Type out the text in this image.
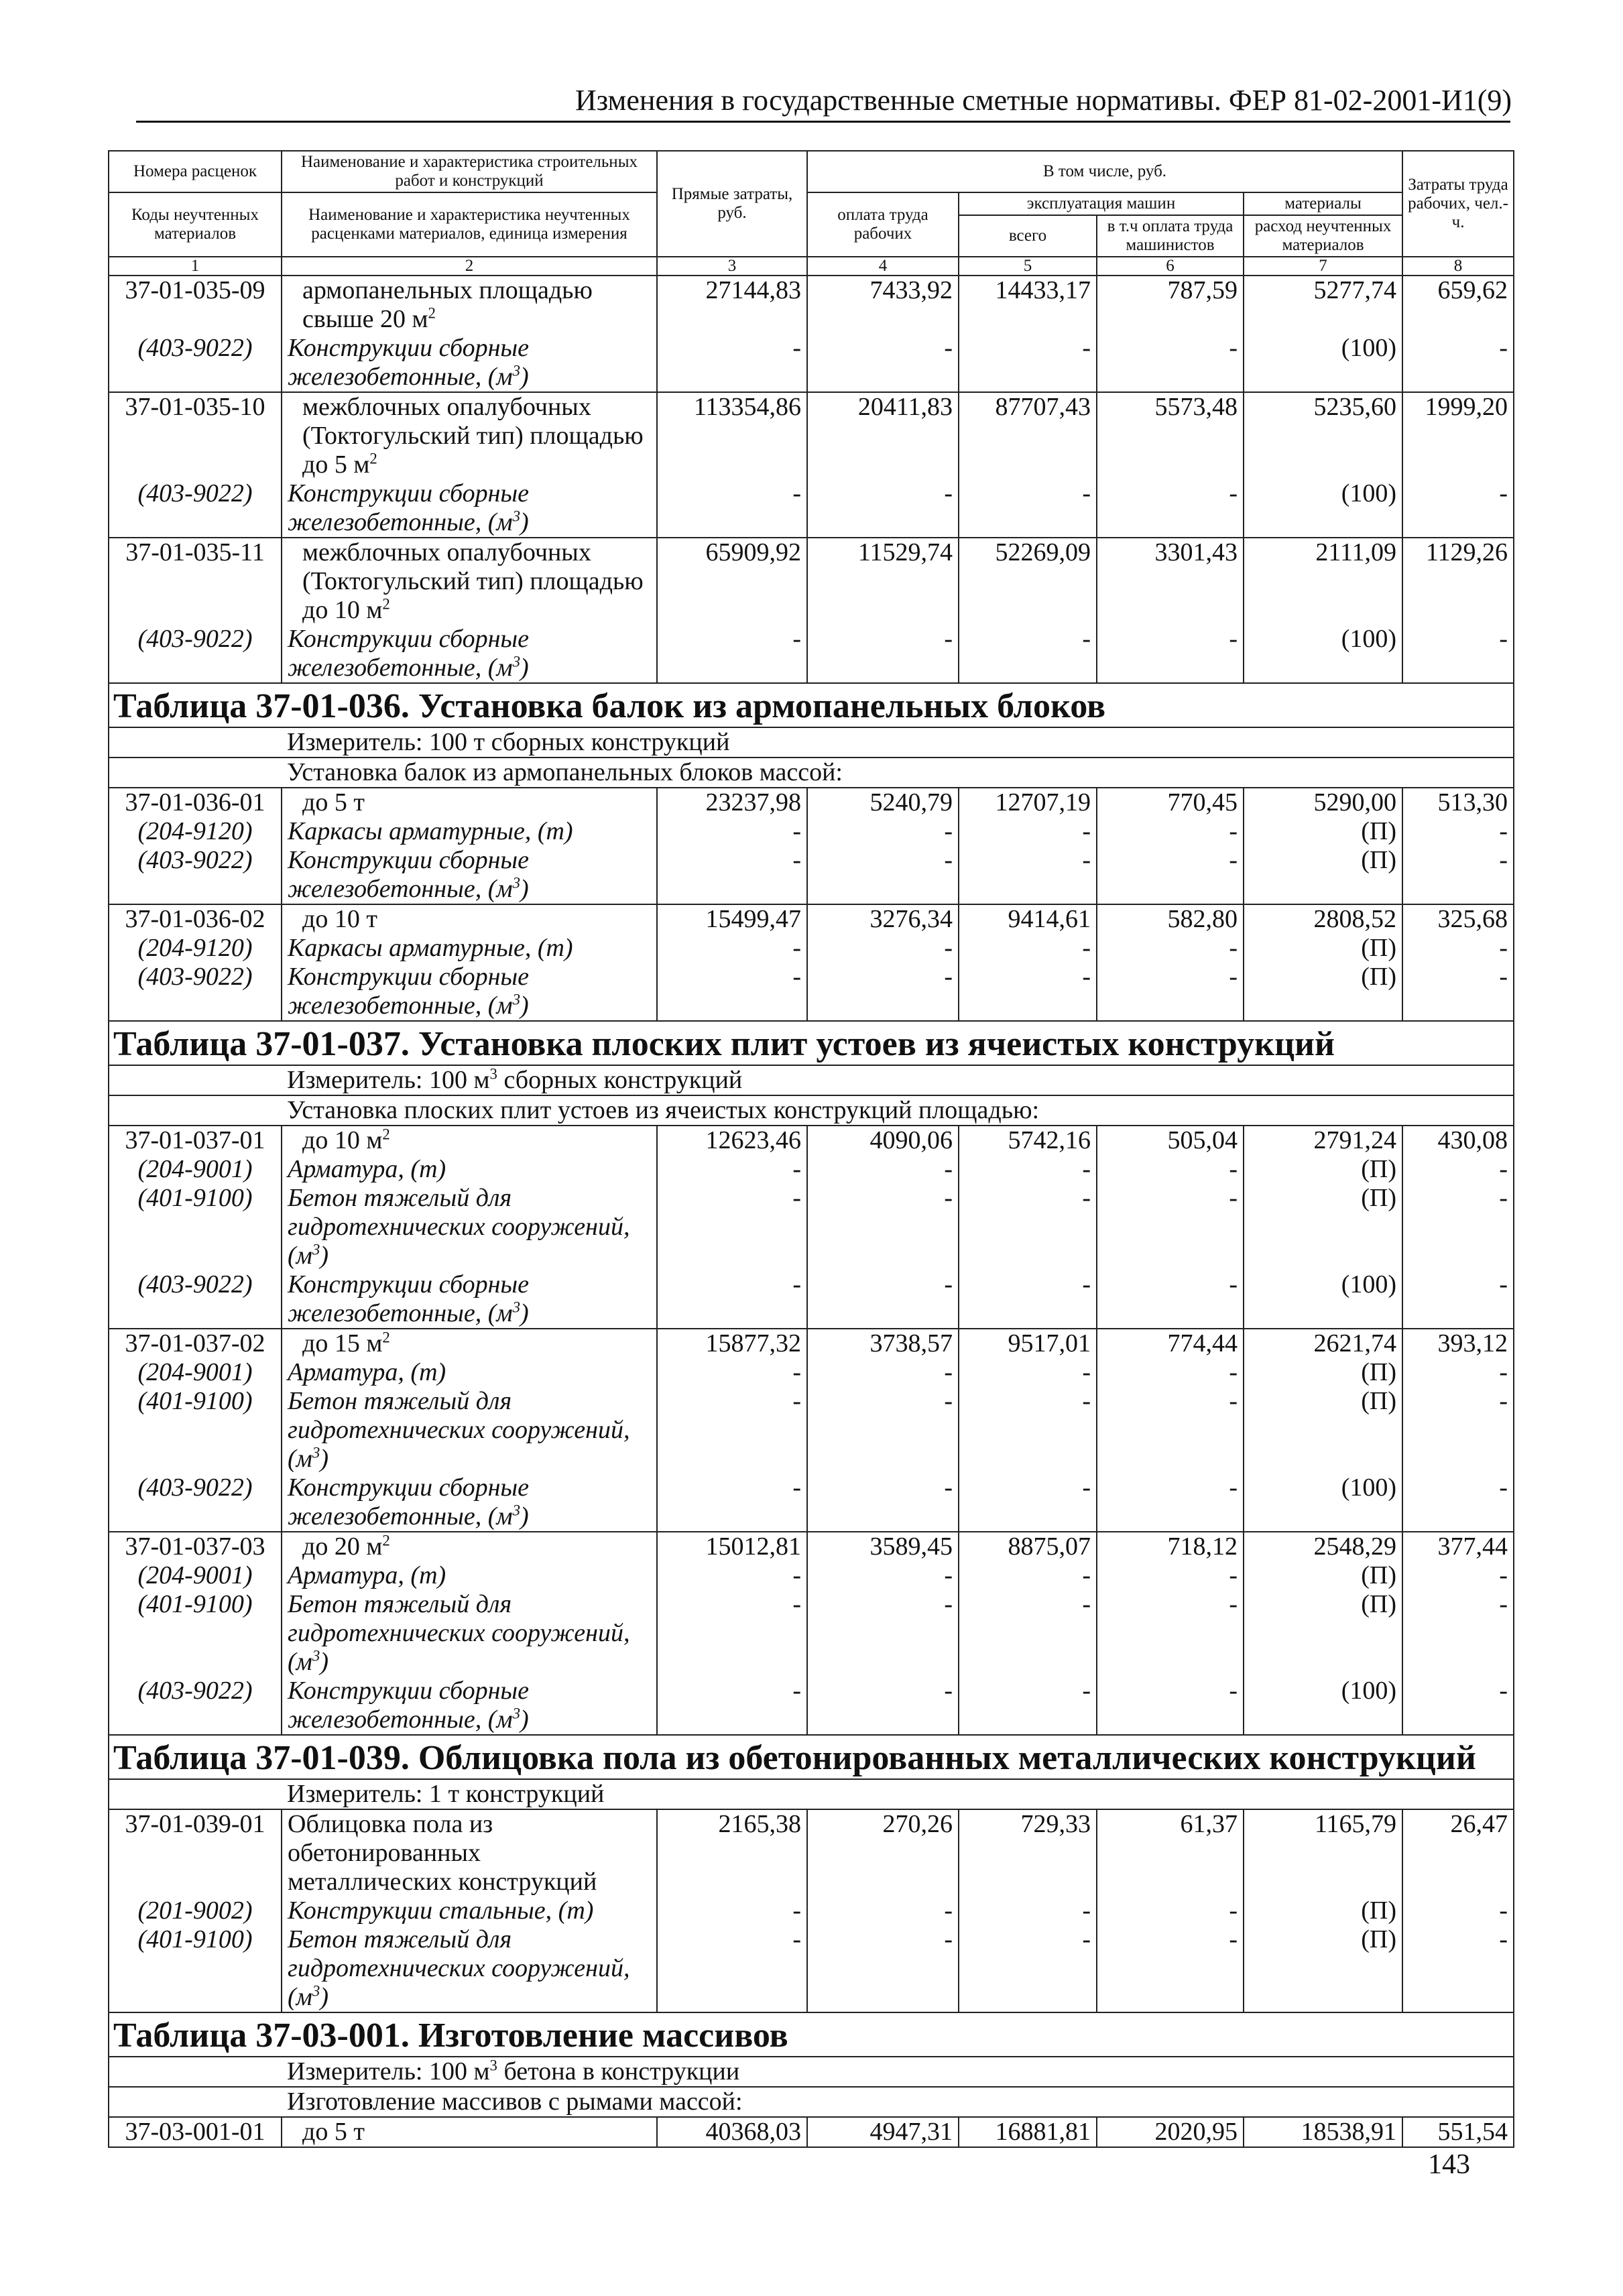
Изменения в государственные сметные нормативы. ФЕР 81-02-2001-И1(9)
Номера расценок	Наименование и характеристика строительных работ и конструкций	Прямые затраты, руб.	В том числе, руб.				Затраты труда рабочих, чел.-ч.
Коды неучтенных материалов	Наименование и характеристика неучтенных расценками материалов, единица измерения		оплата труда рабочих	эксплуатация машин		материалы	
				всего	в т.ч оплата труда машинистов	расход неучтенных материалов	
1	2	3	4	5	6	7	8
37-01-035-09	армопанельных площадью свыше 20 $м^2$	27144,83	7433,92	14433,17	787,59	5277,74	659,62
(403-9022)	Конструкции сборные железобетонные, $(м^3)$	-	-	-	-	(100)	-
37-01-035-10	межблочных опалубочных (Токтогульский тип) площадью до 5 $м^2$	113354,86	20411,83	87707,43	5573,48	5235,60	1999,20
(403-9022)	Конструкции сборные железобетонные, $(м^3)$	-	-	-	-	(100)	-
37-01-035-11	межблочных опалубочных (Токтогульский тип) площадью до 10 $м^2$	65909,92	11529,74	52269,09	3301,43	2111,09	1129,26
(403-9022)	Конструкции сборные железобетонные, $(м^3)$	-	-	-	-	(100)	-
Таблица 37-01-036. Установка балок из армопанельных блоков							
Измеритель: 100 т сборных конструкций							
Установка балок из армопанельных блоков массой:							
37-01-036-01	до 5 т	23237,98	5240,79	12707,19	770,45	5290,00	513,30
(204-9120)	Каркасы арматурные, (т)	-	-	-	-	(П)	-
(403-9022)	Конструкции сборные железобетонные, $(м^3)$	-	-	-	-	(П)	-
37-01-036-02	до 10 т	15499,47	3276,34	9414,61	582,80	2808,52	325,68
(204-9120)	Каркасы арматурные, (т)	-	-	-	-	(П)	-
(403-9022)	Конструкции сборные железобетонные, $(м^3)$	-	-	-	-	(П)	-
Таблица 37-01-037. Установка плоских плит устоев из ячеистых конструкций							
Измеритель: 100 $м^3$ сборных конструкций							
Установка плоских плит устоев из ячеистых конструкций площадью:							
37-01-037-01	до 10 $м^2$	12623,46	4090,06	5742,16	505,04	2791,24	430,08
(204-9001)	Арматура, (т)	-	-	-	-	(П)	-
(401-9100)	Бетон тяжелый для гидротехнических сооружений, $(м^3)$	-	-	-	-	(П)	-
(403-9022)	Конструкции сборные железобетонные, $(м^3)$	-	-	-	-	(100)	-
37-01-037-02	до 15 $м^2$	15877,32	3738,57	9517,01	774,44	2621,74	393,12
(204-9001)	Арматура, (т)	-	-	-	-	(П)	-
(401-9100)	Бетон тяжелый для гидротехнических сооружений, $(м^3)$	-	-	-	-	(П)	-
(403-9022)	Конструкции сборные железобетонные, $(м^3)$	-	-	-	-	(100)	-
37-01-037-03	до 20 $м^2$	15012,81	3589,45	8875,07	718,12	2548,29	377,44
(204-9001)	Арматура, (т)	-	-	-	-	(П)	-
(401-9100)	Бетон тяжелый для гидротехнических сооружений, $(м^3)$	-	-	-	-	(П)	-
(403-9022)	Конструкции сборные железобетонные, $(м^3)$	-	-	-	-	(100)	-
Таблица 37-01-039. Облицовка пола из обетонированных металлических конструкций							
Измеритель: 1 т конструкций							
37-01-039-01	Облицовка пола из обетонированных металлических конструкций	2165,38	270,26	729,33	61,37	1165,79	26,47
(201-9002)	Конструкции стальные, (т)	-	-	-	-	(П)	-
(401-9100)	Бетон тяжелый для гидротехнических сооружений, $(м^3)$	-	-	-	-	(П)	-
Таблица 37-03-001. Изготовление массивов							
Измеритель: 100 $м^3$ бетона в конструкции							
Изготовление массивов с рымами массой:							
37-03-001-01	до 5 т	40368,03	4947,31	16881,81	2020,95	18538,91	551,54
143
